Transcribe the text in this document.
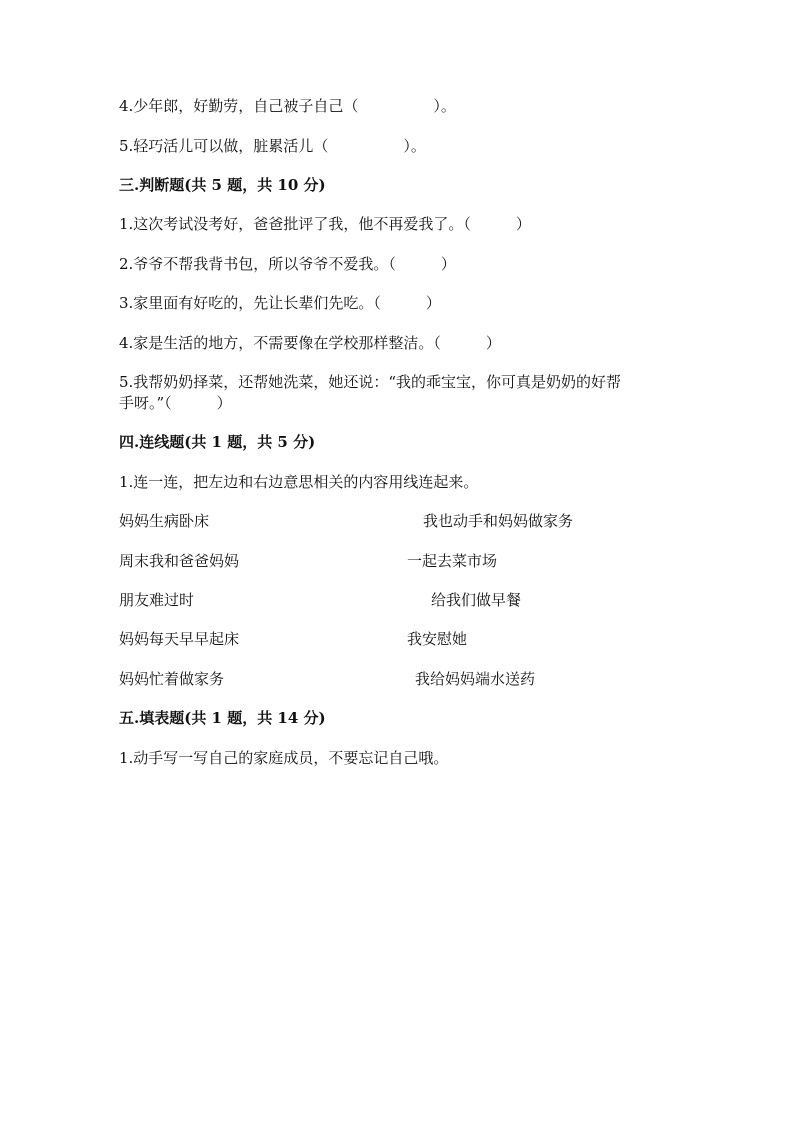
4.少年郎，好勤劳，自己被子自己（　　　　　）。
5.轻巧活儿可以做，脏累活儿（　　　　　）。
三.判断题(共 5 题，共 10 分)
1.这次考试没考好，爸爸批评了我，他不再爱我了。（　　　）
2.爷爷不帮我背书包，所以爷爷不爱我。（　　　）
3.家里面有好吃的，先让长辈们先吃。（　　　）
4.家是生活的地方，不需要像在学校那样整洁。（　　　）
5.我帮奶奶择菜，还帮她洗菜，她还说：“我的乖宝宝，你可真是奶奶的好帮
手呀。”（　　　）
四.连线题(共 1 题，共 5 分)
1.连一连，把左边和右边意思相关的内容用线连起来。
妈妈生病卧床	我也动手和妈妈做家务
周末我和爸爸妈妈	一起去菜市场
朋友难过时	给我们做早餐
妈妈每天早早起床	我安慰她
妈妈忙着做家务	我给妈妈端水送药
五.填表题(共 1 题，共 14 分)
1.动手写一写自己的家庭成员，不要忘记自己哦。
